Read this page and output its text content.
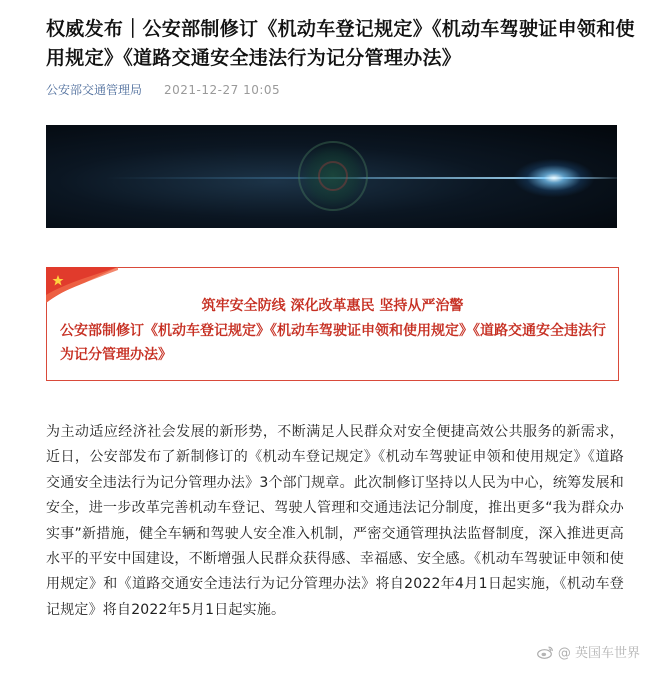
权威发布｜公安部制修订《机动车登记规定》《机动车驾驶证申领和使用规定》《道路交通安全违法行为记分管理办法》
公安部交通管理局 2021-12-27 10:05
筑牢安全防线 深化改革惠民 坚持从严治警
公安部制修订《机动车登记规定》《机动车驾驶证申领和使用规定》《道路交通安全违法行为记分管理办法》

为主动适应经济社会发展的新形势，不断满足人民群众对安全便捷高效公共服务的新需求，近日，公安部发布了新制修订的《机动车登记规定》《机动车驾驶证申领和使用规定》《道路交通安全违法行为记分管理办法》3个部门规章。此次制修订坚持以人民为中心，统筹发展和安全，进一步改革完善机动车登记、驾驶人管理和交通违法记分制度，推出更多“我为群众办实事”新措施，健全车辆和驾驶人安全准入机制，严密交通管理执法监督制度，深入推进更高水平的平安中国建设，不断增强人民群众获得感、幸福感、安全感。《机动车驾驶证申领和使用规定》和《道路交通安全违法行为记分管理办法》将自2022年4月1日起实施，《机动车登记规定》将自2022年5月1日起实施。

@ 英国车世界
